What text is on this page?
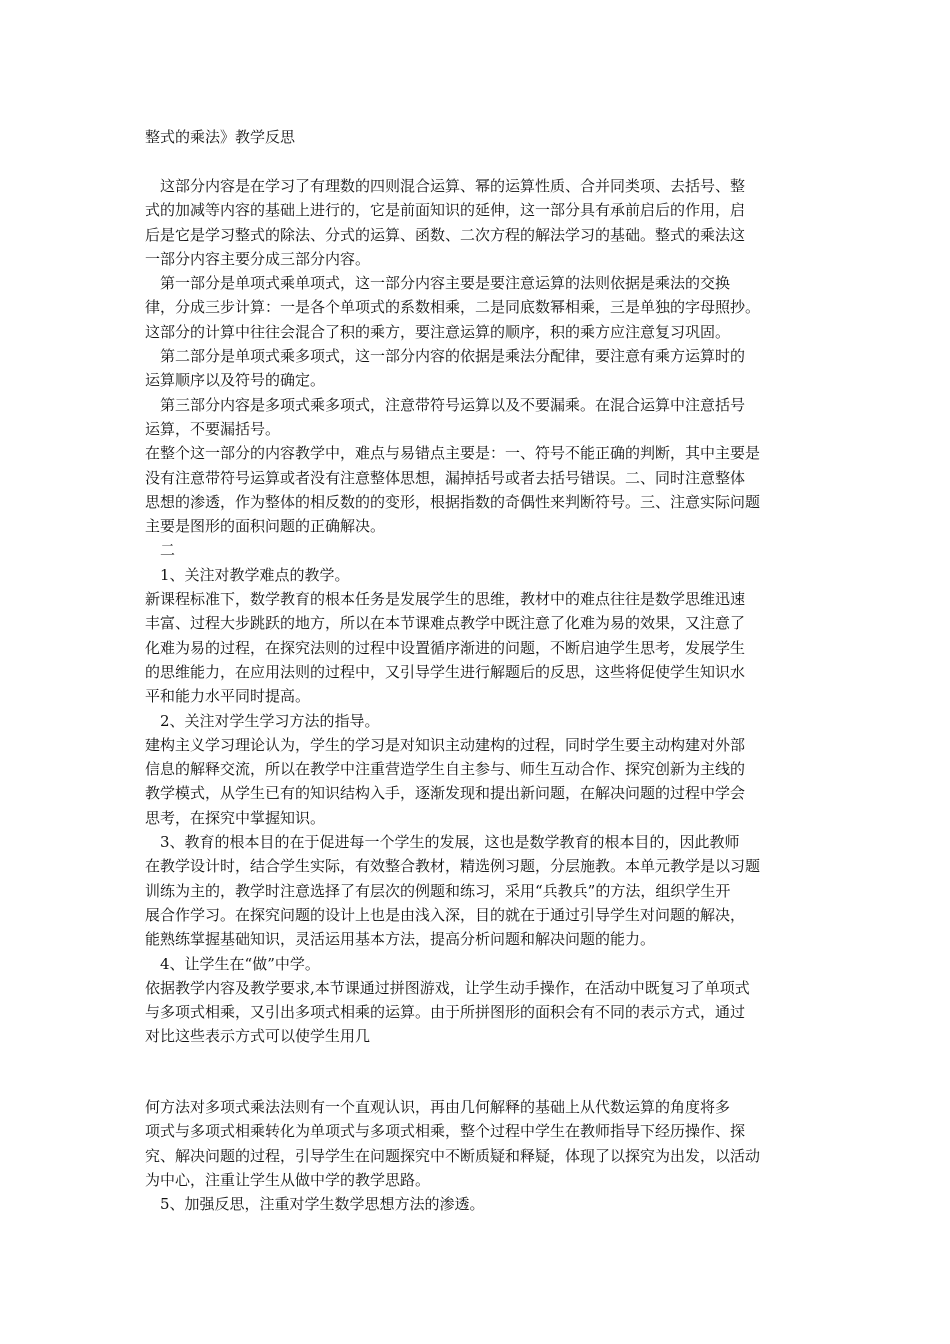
整式的乘法》教学反思
　这部分内容是在学习了有理数的四则混合运算、幂的运算性质、合并同类项、去括号、整
式的加减等内容的基础上进行的，它是前面知识的延伸，这一部分具有承前启后的作用，启
后是它是学习整式的除法、分式的运算、函数、二次方程的解法学习的基础。整式的乘法这
一部分内容主要分成三部分内容。
　第一部分是单项式乘单项式，这一部分内容主要是要注意运算的法则依据是乘法的交换
律，分成三步计算：一是各个单项式的系数相乘，二是同底数幂相乘，三是单独的字母照抄。
这部分的计算中往往会混合了积的乘方，要注意运算的顺序，积的乘方应注意复习巩固。
　第二部分是单项式乘多项式，这一部分内容的依据是乘法分配律，要注意有乘方运算时的
运算顺序以及符号的确定。
　第三部分内容是多项式乘多项式，注意带符号运算以及不要漏乘。在混合运算中注意括号
运算，不要漏括号。
在整个这一部分的内容教学中，难点与易错点主要是：一、符号不能正确的判断，其中主要是
没有注意带符号运算或者没有注意整体思想，漏掉括号或者去括号错误。二、同时注意整体
思想的渗透，作为整体的相反数的的变形，根据指数的奇偶性来判断符号。三、注意实际问题
主要是图形的面积问题的正确解决。
　二
　1、关注对教学难点的教学。
新课程标准下，数学教育的根本任务是发展学生的思维，教材中的难点往往是数学思维迅速
丰富、过程大步跳跃的地方，所以在本节课难点教学中既注意了化难为易的效果，又注意了
化难为易的过程，在探究法则的过程中设置循序渐进的问题，不断启迪学生思考，发展学生
的思维能力，在应用法则的过程中，又引导学生进行解题后的反思，这些将促使学生知识水
平和能力水平同时提高。
　2、关注对学生学习方法的指导。
建构主义学习理论认为，学生的学习是对知识主动建构的过程，同时学生要主动构建对外部
信息的解释交流，所以在教学中注重营造学生自主参与、师生互动合作、探究创新为主线的
教学模式，从学生已有的知识结构入手，逐渐发现和提出新问题，在解决问题的过程中学会
思考，在探究中掌握知识。
　3、教育的根本目的在于促进每一个学生的发展，这也是数学教育的根本目的，因此教师
在教学设计时，结合学生实际，有效整合教材，精选例习题，分层施教。本单元教学是以习题
训练为主的，教学时注意选择了有层次的例题和练习，采用“兵教兵”的方法，组织学生开
展合作学习。在探究问题的设计上也是由浅入深，目的就在于通过引导学生对问题的解决，
能熟练掌握基础知识，灵活运用基本方法，提高分析问题和解决问题的能力。
　4、让学生在“做”中学。
依据教学内容及教学要求,本节课通过拼图游戏，让学生动手操作，在活动中既复习了单项式
与多项式相乘，又引出多项式相乘的运算。由于所拼图形的面积会有不同的表示方式，通过
对比这些表示方式可以使学生用几
何方法对多项式乘法法则有一个直观认识，再由几何解释的基础上从代数运算的角度将多
项式与多项式相乘转化为单项式与多项式相乘，整个过程中学生在教师指导下经历操作、探
究、解决问题的过程，引导学生在问题探究中不断质疑和释疑，体现了以探究为出发，以活动
为中心，注重让学生从做中学的教学思路。
　5、加强反思，注重对学生数学思想方法的渗透。
